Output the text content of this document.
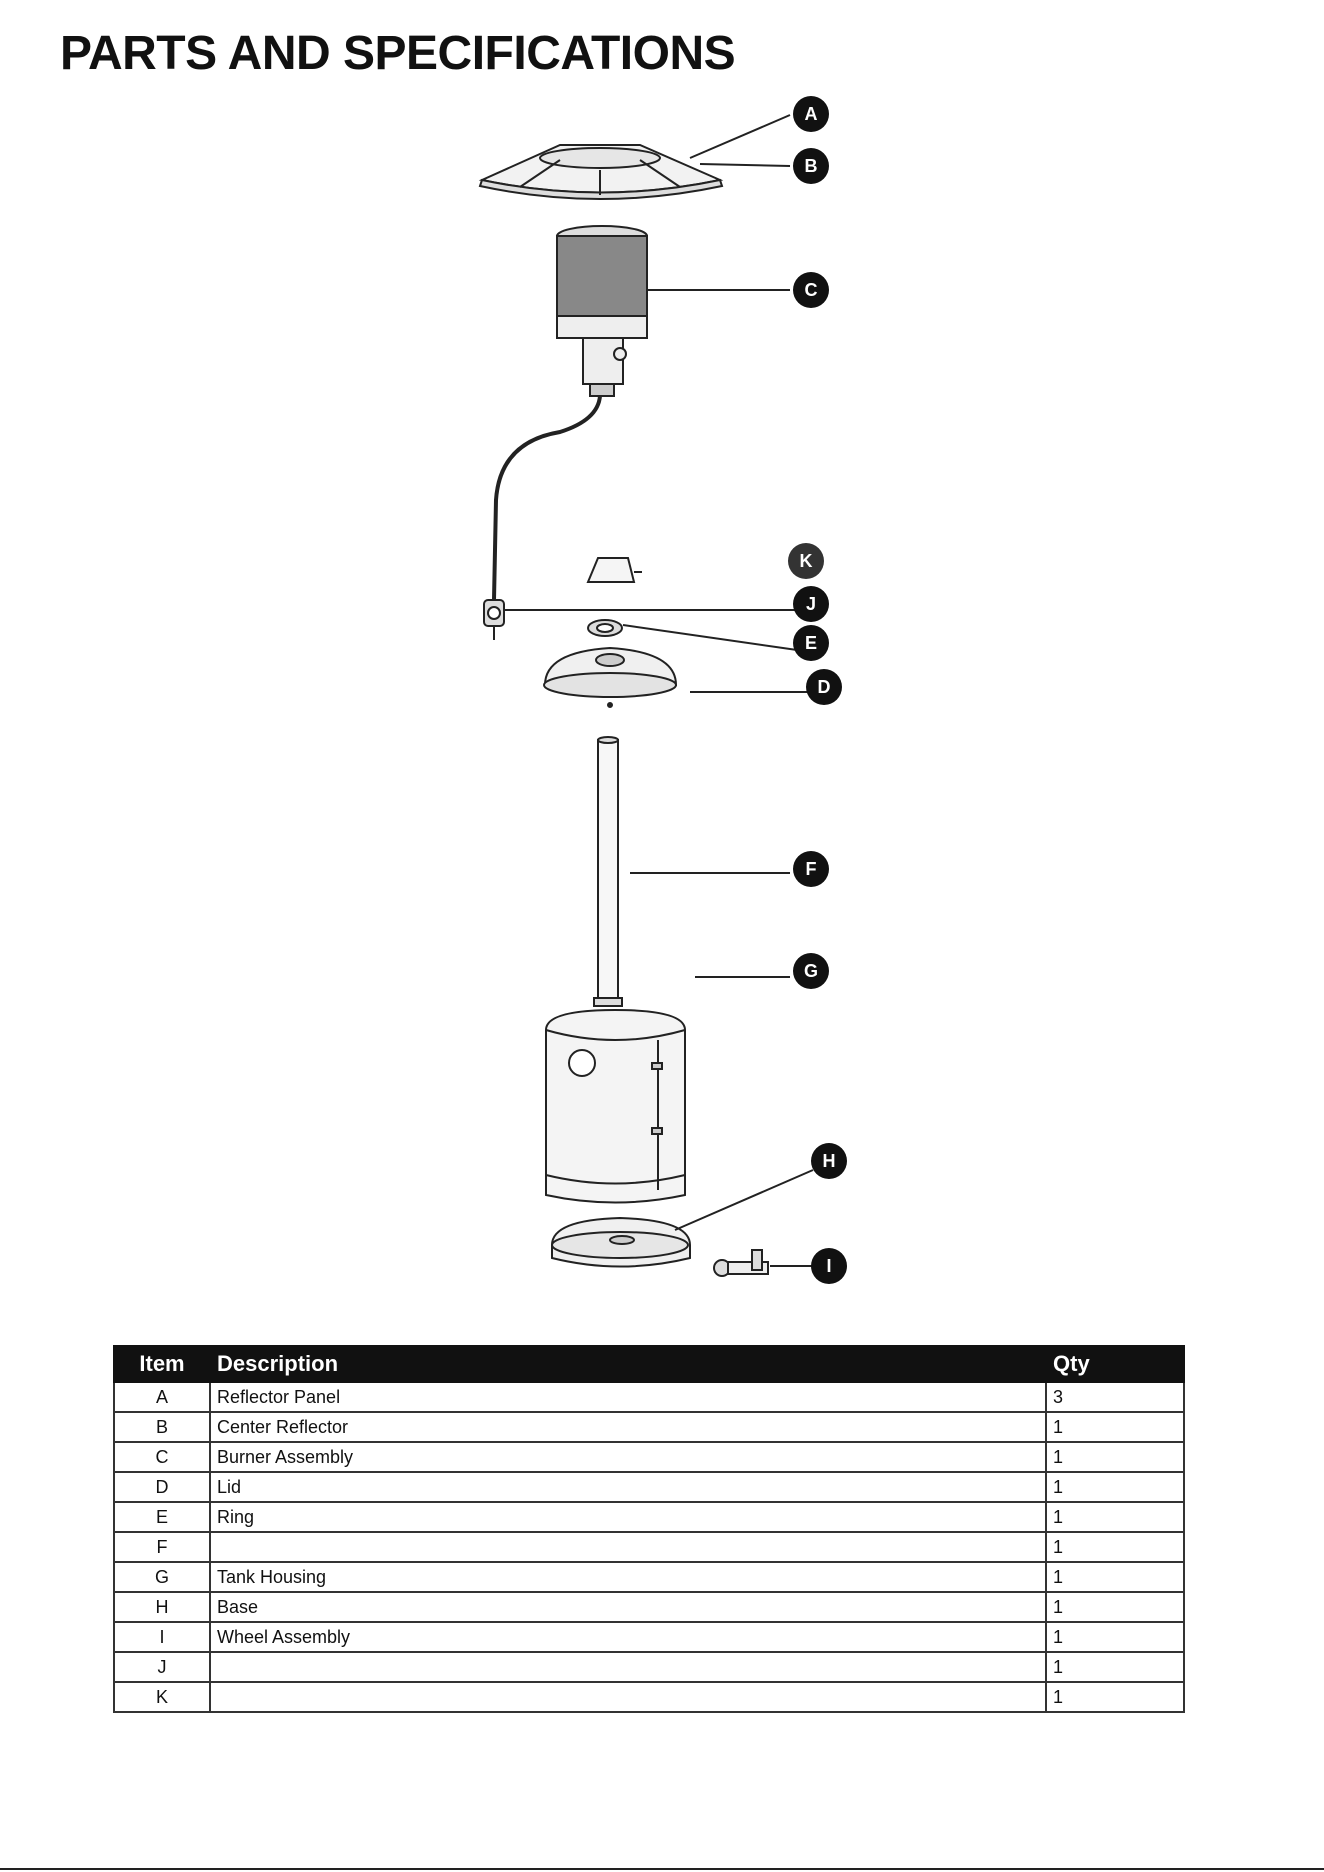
PARTS AND SPECIFICATIONS
A
B
C
K
J
E
D
F
G
H
I
Item	Description	Qty
A	Reflector Panel	3
B	Center Reflector	1
C	Burner Assembly	1
D	Lid	1
E	Ring	1
F		1
G	Tank Housing	1
H	Base	1
I	Wheel Assembly	1
J		1
K		1
